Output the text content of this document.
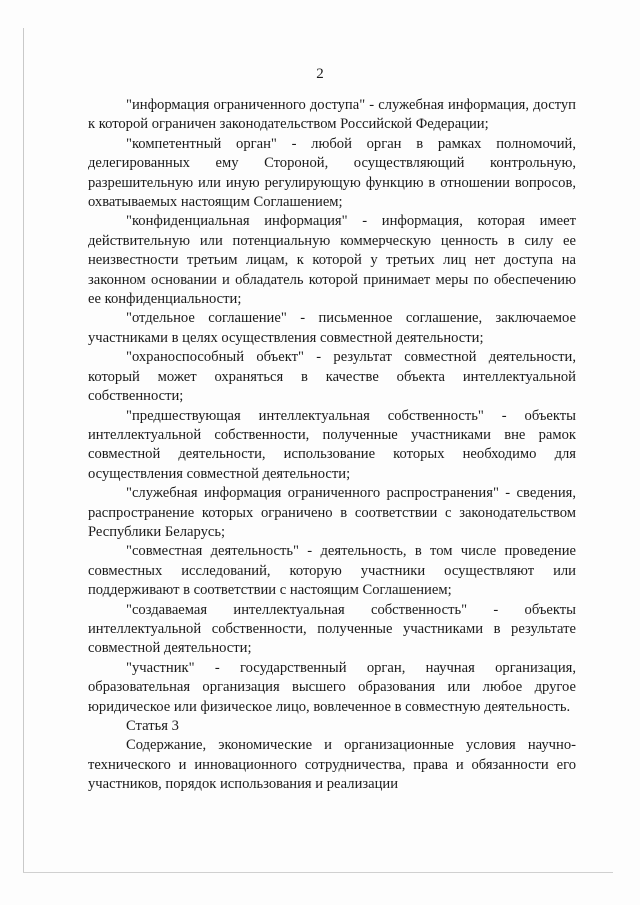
2

"информация ограниченного доступа" - служебная информация, доступ к которой ограничен законодательством Российской Федерации;

"компетентный орган" - любой орган в рамках полномочий, делегированных ему Стороной, осуществляющий контрольную, разрешительную или иную регулирующую функцию в отношении вопросов, охватываемых настоящим Соглашением;

"конфиденциальная информация" - информация, которая имеет действительную или потенциальную коммерческую ценность в силу ее неизвестности третьим лицам, к которой у третьих лиц нет доступа на законном основании и обладатель которой принимает меры по обеспечению ее конфиденциальности;

"отдельное соглашение" - письменное соглашение, заключаемое участниками в целях осуществления совместной деятельности;

"охраноспособный объект" - результат совместной деятельности, который может охраняться в качестве объекта интеллектуальной собственности;

"предшествующая интеллектуальная собственность" - объекты интеллектуальной собственности, полученные участниками вне рамок совместной деятельности, использование которых необходимо для осуществления совместной деятельности;

"служебная информация ограниченного распространения" - сведения, распространение которых ограничено в соответствии с законодательством Республики Беларусь;

"совместная деятельность" - деятельность, в том числе проведение совместных исследований, которую участники осуществляют или поддерживают в соответствии с настоящим Соглашением;

"создаваемая интеллектуальная собственность" - объекты интеллектуальной собственности, полученные участниками в результате совместной деятельности;

"участник" - государственный орган, научная организация, образовательная организация высшего образования или любое другое юридическое или физическое лицо, вовлеченное в совместную деятельность.

Статья 3

Содержание, экономические и организационные условия научно-технического и инновационного сотрудничества, права и обязанности его участников, порядок использования и реализации
